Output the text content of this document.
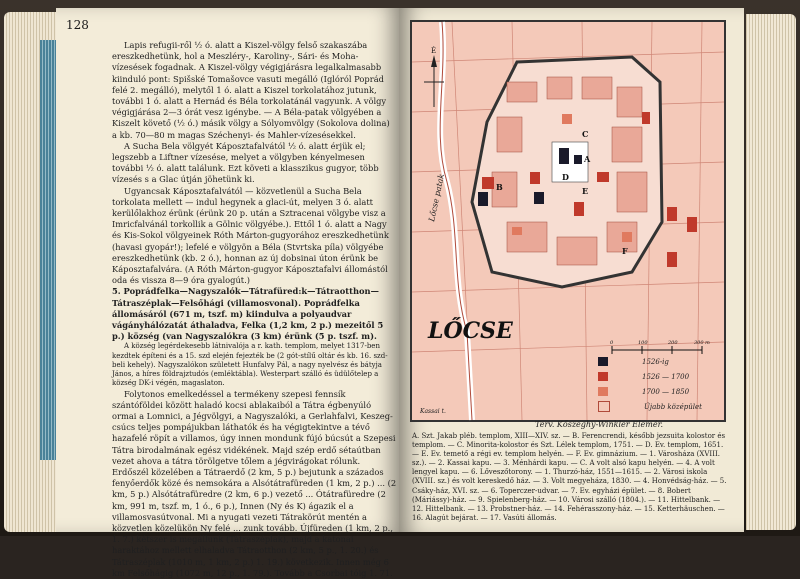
128

Lapis refugii-ről ½ ó. alatt a Kiszel-völgy felső szakaszába ereszkedhetünk, hol a Meszléry-, Karoliny-, Sári- és Moha-vízesések fogadnak. A Kiszel-völgy végigjárásra legalkalmasabb kiinduló pont: Spišské Tomašovce vasuti megálló (Iglóról Poprád felé 2. megálló), melytől 1 ó. alatt a Kiszel torkolatához jutunk, további 1 ó. alatt a Hernád és Béla torkolatánál vagyunk. A völgy végigjárása 2—3 órát vesz igénybe. — A Béla-patak völgyében a Kiszelt követő (½ ó.) másik völgy a Sólyomvölgy (Sokolova dolina) a kb. 70—80 m magas Széchenyi- és Mahler-vízesésekkel.

A Sucha Bela völgyét Káposztafalvától ½ ó. alatt érjük el; legszebb a Liftner vízesése, melyet a völgyben kényelmesen további ½ ó. alatt találunk. Ezt követi a klasszikus gugyor, több vízesés s a Glac útján jöhetünk ki.

Ugyancsak Káposztafalvától — közvetlenül a Sucha Bela torkolata mellett — indul hegynek a glaci-út, melyen 3 ó. alatt kerülőlakhoz érünk (érünk 20 p. után a Sztracenai völgybe visz a Imricfalvánál torkollik a Gölnic völgyébe.). Ettől 1 ó. alatt a Nagy és Kis-Sokol völgyeinek Róth Márton-gugyorához ereszkedhetünk (havasi gyopár!); lefelé e völgyön a Béla (Stvrtska píla) völgyébe ereszkedhetünk (kb. 2 ó.), honnan az új dobsinai úton érünk be Káposztafalvára. (A Róth Márton-gugyor Káposztafalvi állomástól oda és vissza 8—9 óra gyalogút.)

5. Poprádfelka—Nagyszalók—Tátrafüred:k—Tátraotthon—Tátraszéplak—Felsőhági (villamosvonal). Poprádfelka állomásáról (671 m, tszf. m) kiindulva a polyaudvar vágányhálózatát áthaladva, Felka (1,2 km, 2 p.) mezeitől 5 p.) község (van Nagyszalókra (3 km) érünk (5 p. tszf. m).

A község legérdekesebb látnivalója a r. kath. templom, melyet 1317-ben kezdtek építeni és a 15. szd elején fejezték be (2 gót-stílű oltár és kb. 16. szd-beli kehely). Nagyszalókon született Hunfalvy Pál, a nagy nyelvész és bátyja János, a híres földrajztudós (emléktábla). Westerpart szálló és üdülőtelep a község DK-i végén, magaslaton.

Folytonos emelkedéssel a termékeny szepesi fennsík szántóföldei között haladó kocsi ablakaiból a Tátra égbenyúló ormai a Lomnici, a Jégvölgyi, a Nagyszalóki, a Gerlahfalvi, Keszeg-csúcs teljes pompájukban láthatók és ha végigtekintve a tévő hazafelé röpít a villamos, úgy innen mondunk fújó búcsút a Szepesi Tátra birodalmának egész vidékének. Majd szép erdő sétaútban vezet ahova a tátra törölgetve tőlem a jégvirágokat rólunk. Erdőszél közelében a Tátraerdő (2 km, 5 p.) bejutunk a százados fenyőerdők közé és nemsokára a Alsótátrafüreden (1 km, 2 p.) ... (2 km, 5 p.) Alsótátrafüredre (2 km, 6 p.) vezető ... Ótátrafüredre (2 km, 991 m, tszf. m, 1 ó., 6 p.), Innen (Ny és K) ágazik el a villamosvasútvonal. Mi a nyugati vezeti Tátrakörút mentén a közvetlen közelükön Ny felé ... zunk tovább. Újfüreden (1 km, 2 p., 1. 7.) kétszer is megállunk (Tátraszéplak), majd a katonai haraktához mellett elhaladva Tátraotthon (2 km, 5 p., 1. 20.) és Tátraszéplak (1010 m, 1 km, 2 p.) 1. 19.) következik. Innen még 6 km Felsőhágig (1072 m, 12 p., 1. 79.). Tovább a Csorbai tóig 1. 71.

Lőcse patak
Kassai t.
A
B
C
D
E
F
0	100	200	300 m
É
LŐCSE
1526-ig
1526 — 1700
1700 — 1850
Újabb középület
Terv. Kőszeghy-Winkler Elemér.
A. Szt. Jakab pléb. templom, XIII—XIV. sz. — B. Ferencrendi, később jezsuita kolostor és templom. — C. Minorita-kolostor és Szt. Lélek templom, 1751. — D. Ev. templom, 1651. — E. Ev. temető a régi ev. templom helyén. — F. Ev. gimnázium. — 1. Városháza (XVIII. sz.). — 2. Kassai kapu. — 3. Ménhárdi kapu. — C. A volt alsó kapu helyén. — 4. A volt lengyel kapu. — 6. Lőveszőtorony. — 1. Thurzó-ház, 1551—1615. — 2. Városi iskola (XVIII. sz.) és volt kereskedő ház. — 3. Volt megyeháza, 1830. — 4. Honvédság-ház. — 5. Csáky-ház, XVI. sz. — 6. Toperczer-udvar. — 7. Ev. egyházi épület. — 8. Bobert (Máriássy)-ház. — 9. Spielenberg-ház. — 10. Városi szálló (1804.). — 11. Hittelbank. — 12. Hittelbank. — 13. Probstner-ház. — 14. Fehérasszony-ház. — 15. Ketterhäuschen. — 16. Alagút bejárat. — 17. Vasúti állomás.
